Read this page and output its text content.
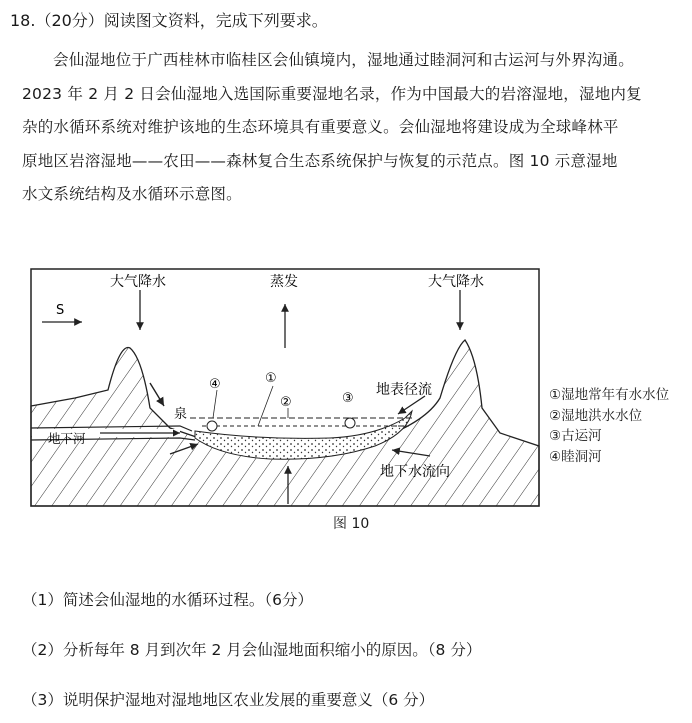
18.（20分）阅读图文资料，完成下列要求。
会仙湿地位于广西桂林市临桂区会仙镇境内，湿地通过睦洞河和古运河与外界沟通。
2023 年 2 月 2 日会仙湿地入选国际重要湿地名录，作为中国最大的岩溶湿地，湿地内复
杂的水循环系统对维护该地的生态环境具有重要意义。会仙湿地将建设成为全球峰林平
原地区岩溶湿地——农田——森林复合生态系统保护与恢复的示范点。图 10 示意湿地
水文系统结构及水循环示意图。
大气降水	蒸发	大气降水
S
④	①
②	③
泉
地下河
地表径流
地下水流向
①湿地常年有水水位
②湿地洪水水位
③古运河
④睦洞河
图 10
（1）简述会仙湿地的水循环过程。（6分）
（2）分析每年 8 月到次年 2 月会仙湿地面积缩小的原因。（8 分）
（3）说明保护湿地对湿地地区农业发展的重要意义（6 分）
